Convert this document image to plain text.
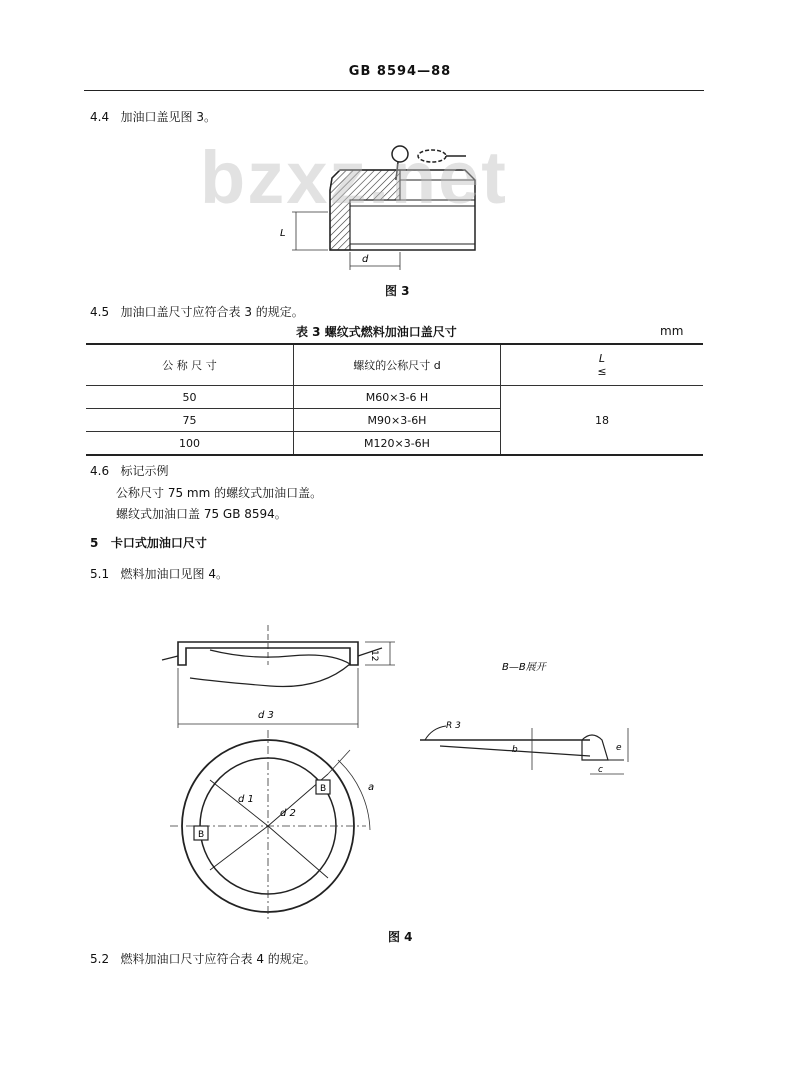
GB 8594—88
4.4 加油口盖见图 3。
L
d
bzxz.net
图 3
4.5 加油口盖尺寸应符合表 3 的规定。
表 3 螺纹式燃料加油口盖尺寸	mm
公 称 尺 寸	螺纹的公称尺寸 d	L
≤

50	M60×3-6 H	18
75	M90×3-6H	
100	M120×3-6H	
4.6 标记示例
公称尺寸 75 mm 的螺纹式加油口盖。
螺纹式加油口盖 75 GB 8594。
5 卡口式加油口尺寸
5.1 燃料加油口见图 4。
12
d 3
B
B
d 1
d 2
a
B—B展开
R 3
b	e
c
图 4
5.2 燃料加油口尺寸应符合表 4 的规定。
